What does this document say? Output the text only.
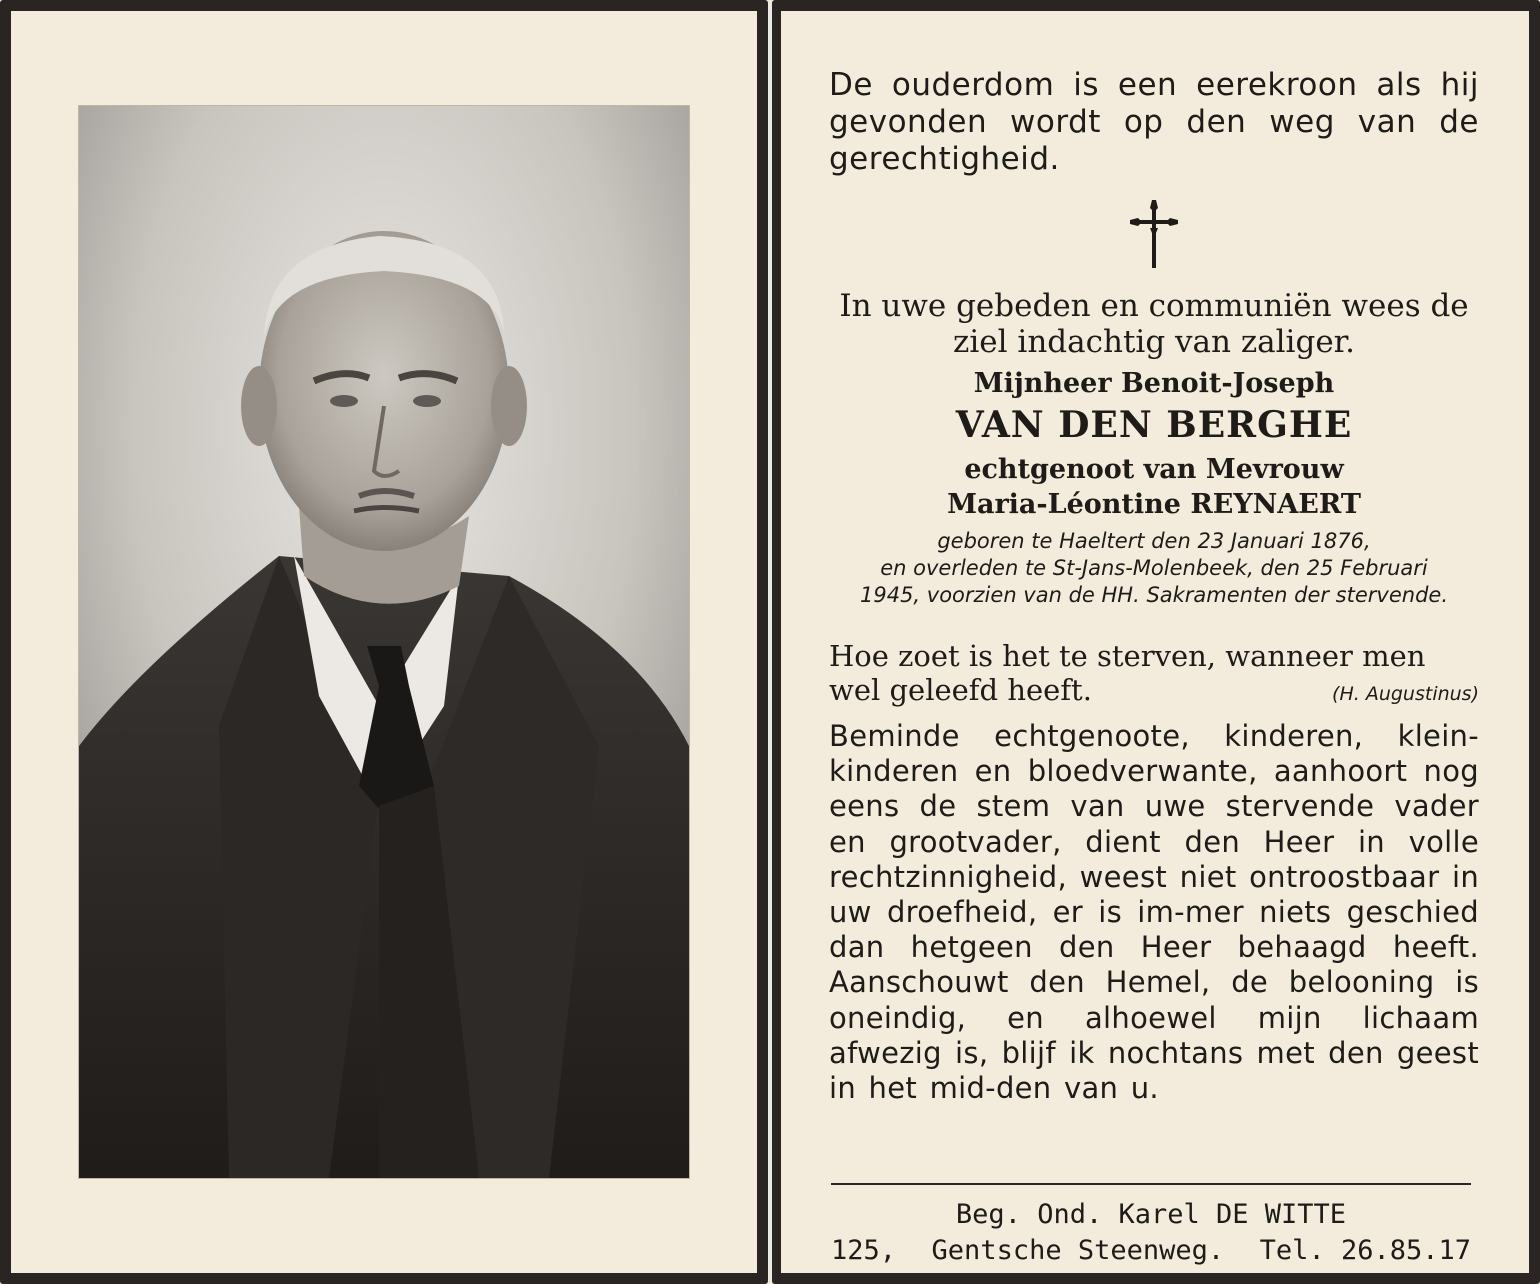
De ouderdom is een eerekroon als hij gevonden wordt op den weg van de gerechtigheid.

In uwe gebeden en communiën wees de
ziel indachtig van zaliger.
Mijnheer Benoit-Joseph
VAN DEN BERGHE
echtgenoot van Mevrouw
Maria-Léontine REYNAERT
geboren te Haeltert den 23 Januari 1876,
en overleden te St-Jans-Molenbeek, den 25 Februari
1945, voorzien van de HH. Sakramenten der stervende.
Hoe zoet is het te sterven, wanneer men
wel geleefd heeft.	(H. Augustinus)

Beminde echtgenoote, kinderen, klein-kinderen en bloedverwante, aanhoort nog eens de stem van uwe stervende vader en grootvader, dient den Heer in volle rechtzinnigheid, weest niet ontroostbaar in uw droefheid, er is im-mer niets geschied dan hetgeen den Heer behaagd heeft. Aanschouwt den Hemel, de belooning is oneindig, en alhoewel mijn lichaam afwezig is, blijf ik nochtans met den geest in het mid-den van u.

Beg. Ond. Karel DE WITTE
125, Gentsche Steenweg. Tel. 26.85.17
